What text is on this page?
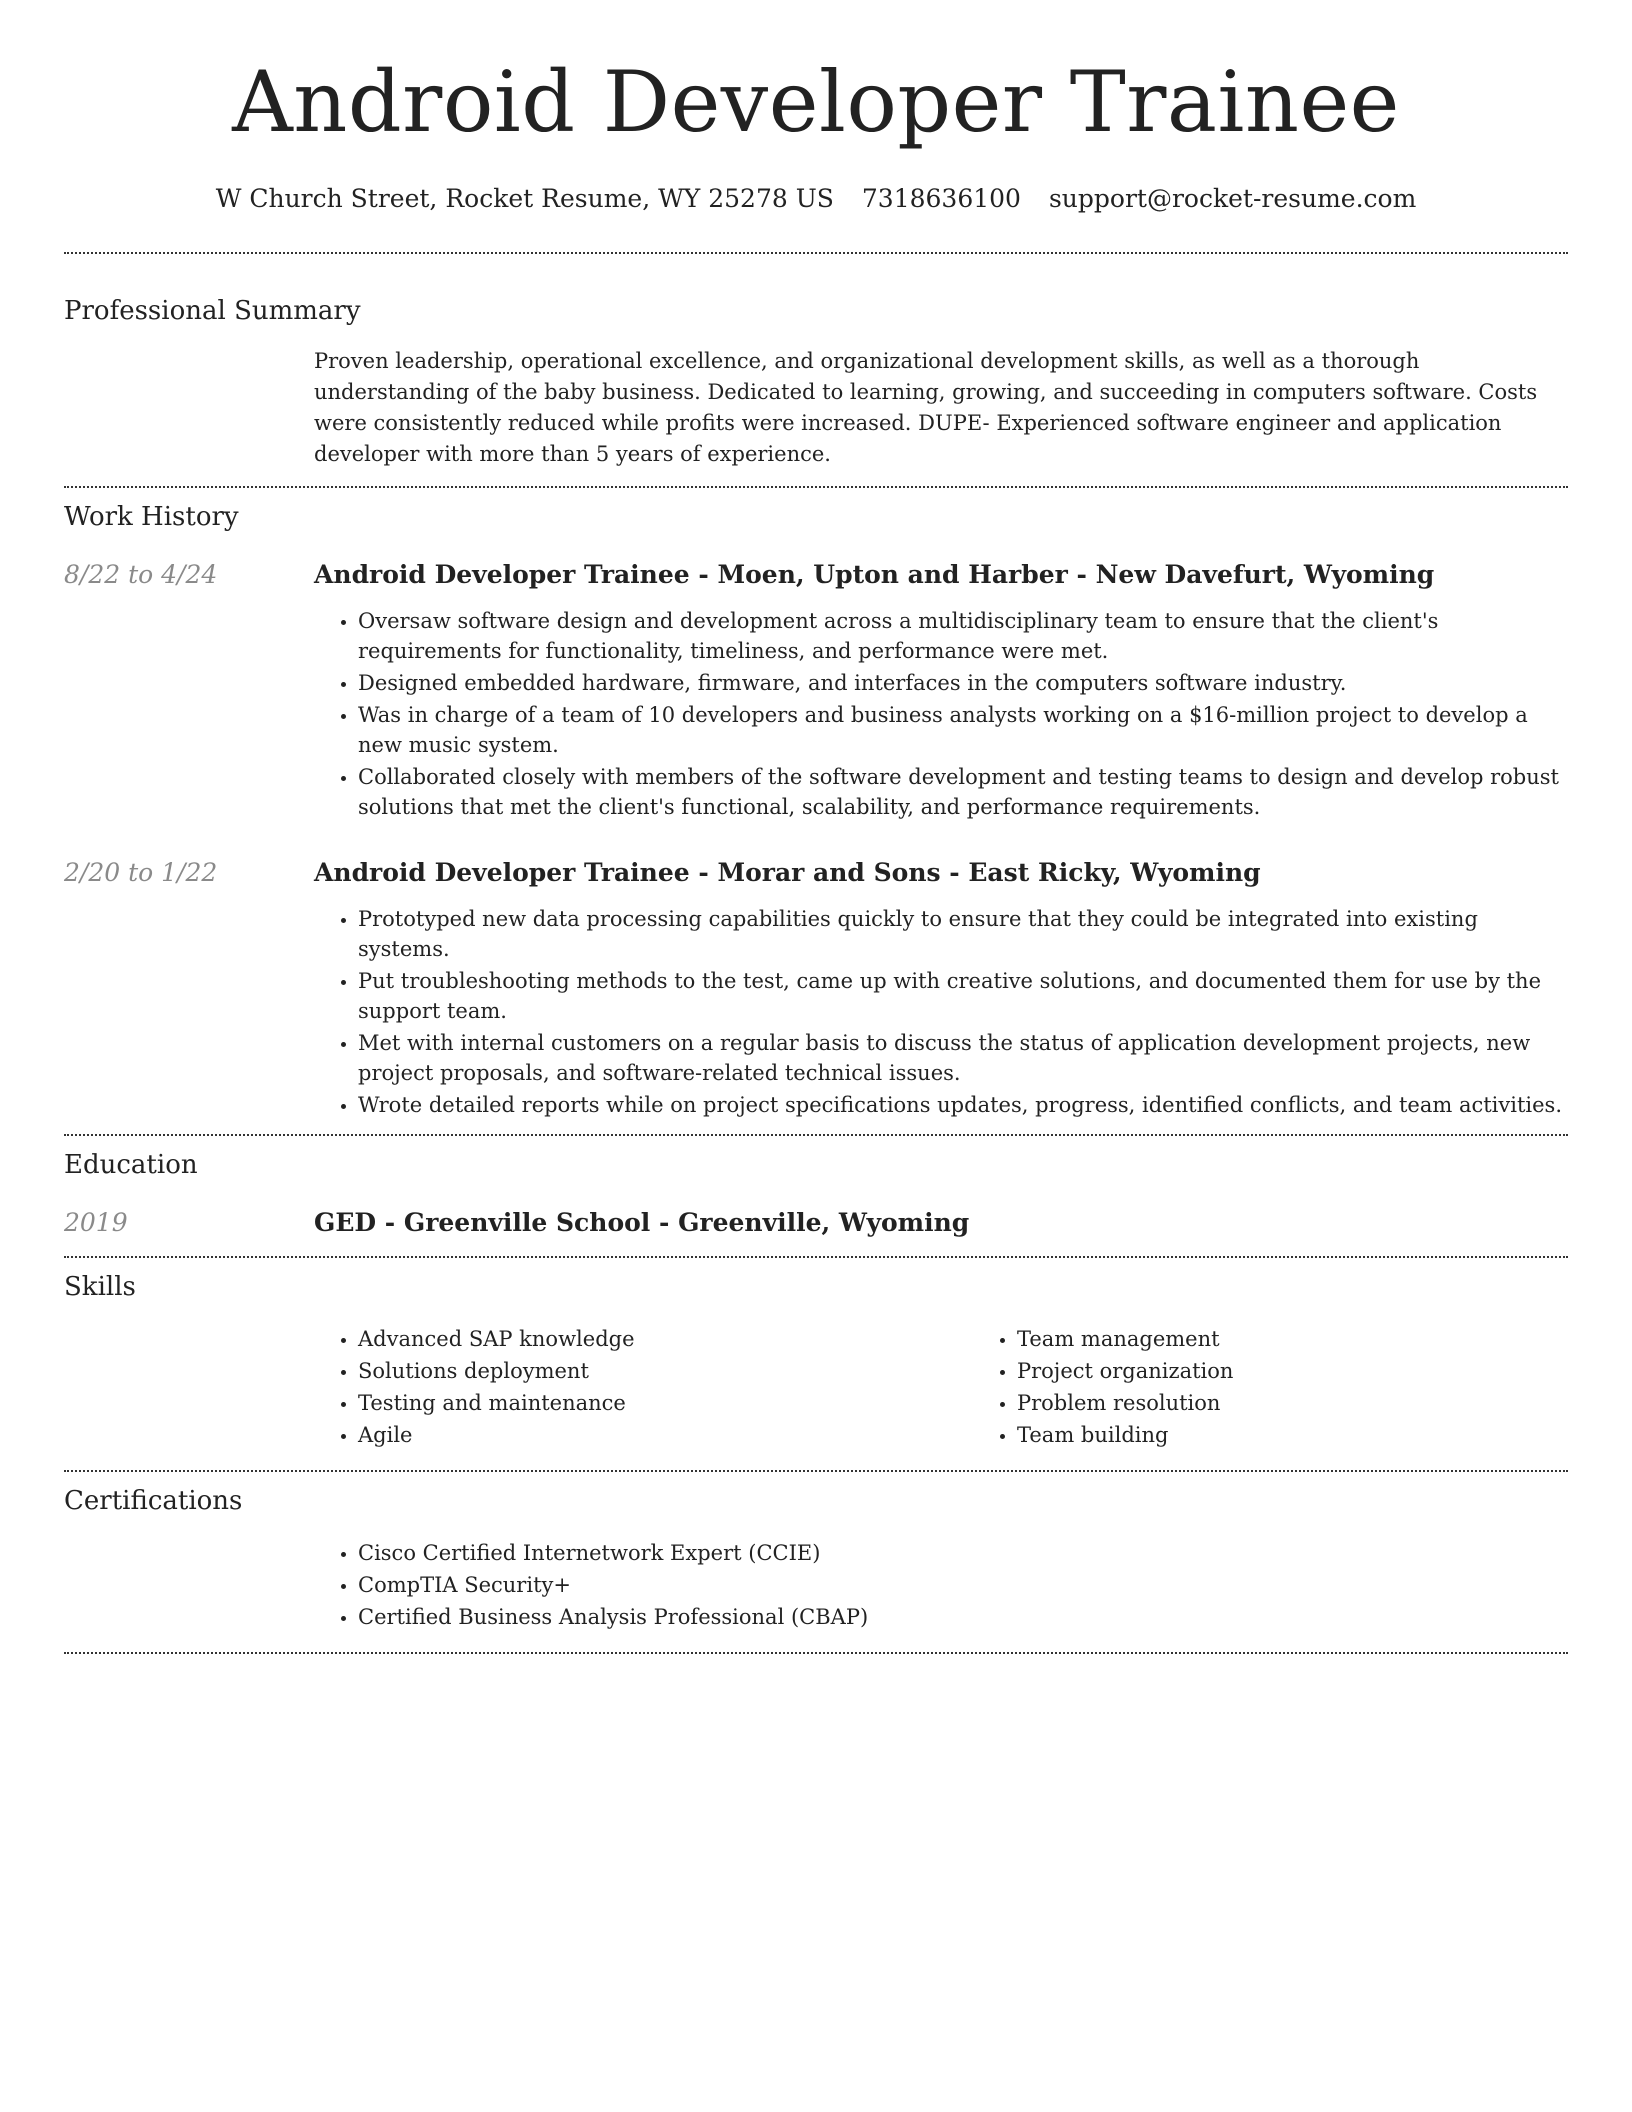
Android Developer Trainee
W Church Street, Rocket Resume, WY 25278 US 7318636100 support@rocket-resume.com
Professional Summary

Proven leadership, operational excellence, and organizational development skills, as well as a thorough understanding of the baby business. Dedicated to learning, growing, and succeeding in computers software. Costs were consistently reduced while profits were increased. DUPE- Experienced software engineer and application developer with more than 5 years of experience.

Work History
8/22 to 4/24	Android Developer Trainee - Moen, Upton and Harber - New Davefurt, Wyoming
• Oversaw software design and development across a multidisciplinary team to ensure that the client's requirements for functionality, timeliness, and performance were met.
• Designed embedded hardware, firmware, and interfaces in the computers software industry.
• Was in charge of a team of 10 developers and business analysts working on a $16-million project to develop a new music system.
• Collaborated closely with members of the software development and testing teams to design and develop robust solutions that met the client's functional, scalability, and performance requirements.
2/20 to 1/22	Android Developer Trainee - Morar and Sons - East Ricky, Wyoming
• Prototyped new data processing capabilities quickly to ensure that they could be integrated into existing systems.
• Put troubleshooting methods to the test, came up with creative solutions, and documented them for use by the support team.
• Met with internal customers on a regular basis to discuss the status of application development projects, new project proposals, and software-related technical issues.
• Wrote detailed reports while on project specifications updates, progress, identified conflicts, and team activities.
Education
2019	GED - Greenville School - Greenville, Wyoming
Skills
• Advanced SAP knowledge
• Solutions deployment
• Testing and maintenance
• Agile
• Team management
• Project organization
• Problem resolution
• Team building
Certifications
• Cisco Certified Internetwork Expert (CCIE)
• CompTIA Security+
• Certified Business Analysis Professional (CBAP)
